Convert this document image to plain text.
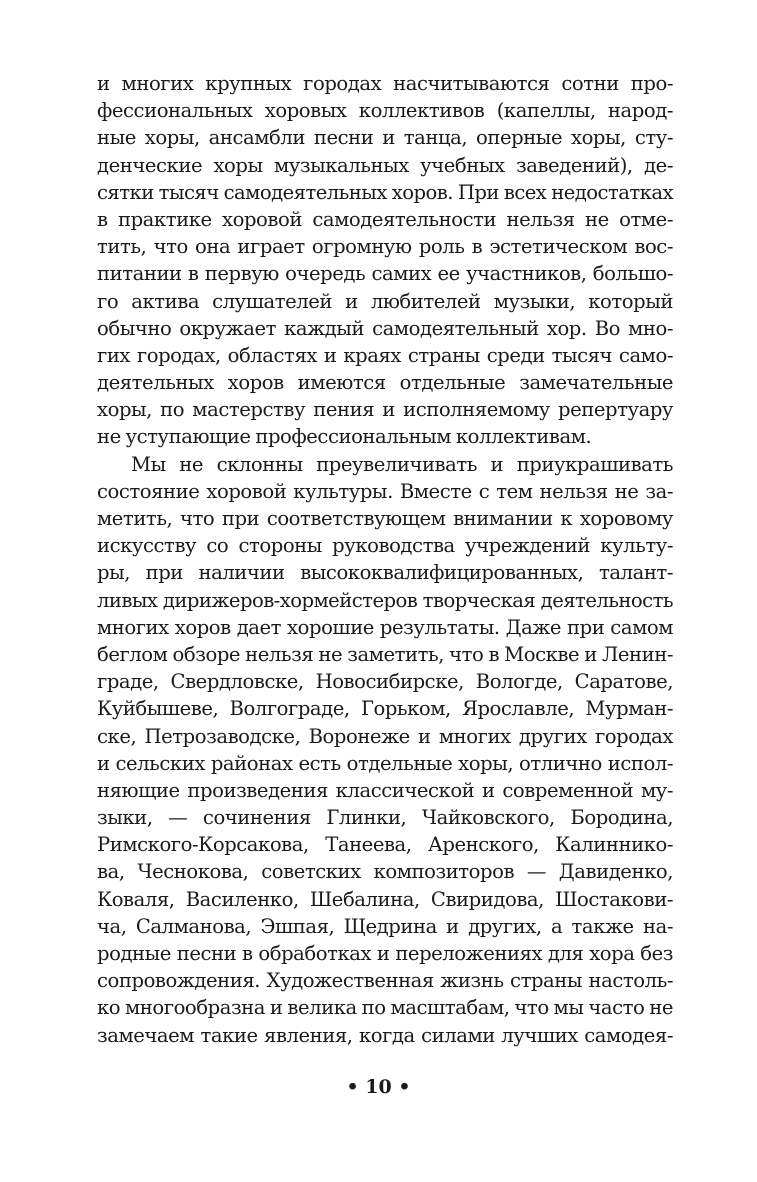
и многих крупных городах насчитываются сотни про-
фессиональных хоровых коллективов (капеллы, народ-
ные хоры, ансамбли песни и танца, оперные хоры, сту-
денческие хоры музыкальных учебных заведений), де-
сятки тысяч самодеятельных хоров. При всех недостатках
в практике хоровой самодеятельности нельзя не отме-
тить, что она играет огромную роль в эстетическом вос-
питании в первую очередь самих ее участников, большо-
го актива слушателей и любителей музыки, который
обычно окружает каждый самодеятельный хор. Во мно-
гих городах, областях и краях страны среди тысяч само-
деятельных хоров имеются отдельные замечательные
хоры, по мастерству пения и исполняемому репертуару
не уступающие профессиональным коллективам.
Мы не склонны преувеличивать и приукрашивать
состояние хоровой культуры. Вместе с тем нельзя не за-
метить, что при соответствующем внимании к хоровому
искусству со стороны руководства учреждений культу-
ры, при наличии высококвалифицированных, талант-
ливых дирижеров-хормейстеров творческая деятельность
многих хоров дает хорошие результаты. Даже при самом
беглом обзоре нельзя не заметить, что в Москве и Ленин-
граде, Свердловске, Новосибирске, Вологде, Саратове,
Куйбышеве, Волгограде, Горьком, Ярославле, Мурман-
ске, Петрозаводске, Воронеже и многих других городах
и сельских районах есть отдельные хоры, отлично испол-
няющие произведения классической и современной му-
зыки, — сочинения Глинки, Чайковского, Бородина,
Римского-Корсакова, Танеева, Аренского, Калиннико-
ва, Чеснокова, советских композиторов — Давиденко,
Коваля, Василенко, Шебалина, Свиридова, Шостакови-
ча, Салманова, Эшпая, Щедрина и других, а также на-
родные песни в обработках и переложениях для хора без
сопровождения. Художественная жизнь страны настоль-
ко многообразна и велика по масштабам, что мы часто не
замечаем такие явления, когда силами лучших самодея-
• 10 •
